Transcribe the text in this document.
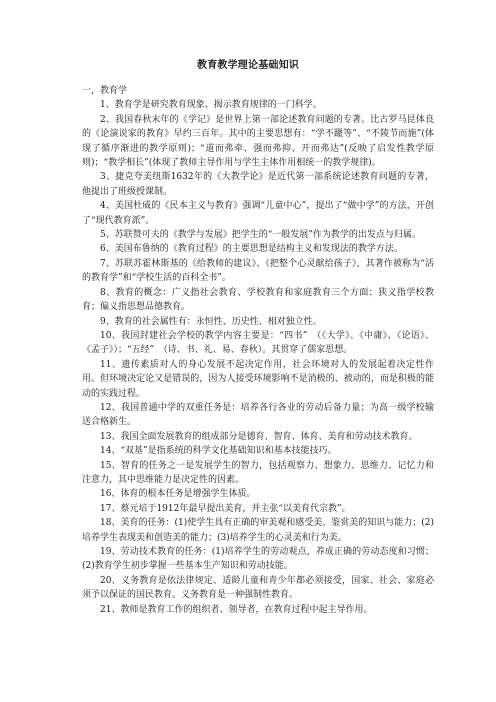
教育教学理论基础知识

一，教育学

1、教育学是研究教育现象、揭示教育规律的一门科学。

2、我国春秋末年的《学记》是世界上第一部论述教育问题的专著。比古罗马昆体良的《论演说家的教育》早约三百年。其中的主要思想有：“学不躐等”、“不陵节而施”(体现了循序渐进的教学原则)；“道而弗牵、强而弗抑、开而弗达”(反映了启发性教学原则)；“教学相长”(体现了教师主导作用与学生主体作用相统一的教学规律)。

3、捷克夸美纽斯1632年的《大教学论》是近代第一部系统论述教育问题的专著，他提出了班级授课制。

4、美国杜威的《民本主义与教育》强调“儿童中心”，提出了“做中学”的方法，开创了“现代教育派”。

5、苏联赞可夫的《教学与发展》把学生的“一般发展”作为教学的出发点与归属。

6、美国布鲁纳的《教育过程》的主要思想是结构主义和发现法的教学方法。

7、苏联苏霍林斯基的《给教师的建议》、《把整个心灵献给孩子》，其著作被称为“活的教育学”和“学校生活的百科全书”。

8、教育的概念：广义指社会教育、学校教育和家庭教育三个方面；狭义指学校教育；偏义指思想品德教育。

9、教育的社会属性有：永恒性、历史性、相对独立性。

10、我国封建社会学校的教学内容主要是：“四书”　（《大学》、《中庸》、《论语》、《孟子》）；“五经”　（诗、书、礼、易、春秋）。其贯穿了儒家思想。

11、遗传素质对人的身心发展不起决定作用，社会环境对人的发展起着决定性作用。但环境决定论又是错误的，因为人接受环境影响不是消极的、被动的，而是积极的能动的实践过程。

12、我国普通中学的双重任务是：培养各行各业的劳动后备力量；为高一级学校输送合格新生。

13、我国全面发展教育的组成部分是德育、智育、体育、美育和劳动技术教育。

14、“双基”是指系统的科学文化基础知识和基本技能技巧。

15、智育的任务之一是发展学生的智力，包括观察力、想象力、思维力、记忆力和注意力，其中思维能力是决定性的因素。

16、体育的根本任务是增强学生体质。

17、蔡元培于1912年最早提出美育，并主张“以美育代宗教”。

18、美育的任务：(1)使学生具有正确的审美观和感受美、鉴赏美的知识与能力；(2)培养学生表现美和创造美的能力；(3)培养学生的心灵美和行为美。

19、劳动技术教育的任务：(1)培养学生的劳动观点，养成正确的劳动态度和习惯；(2)教育学生初步掌握一些基本生产知识和劳动技能。

20、义务教育是依法律规定、适龄儿童和青少年都必须接受，国家、社会、家庭必须予以保证的国民教育。义务教育是一种强制性教育。

21、教师是教育工作的组织者、领导者，在教育过程中起主导作用。
